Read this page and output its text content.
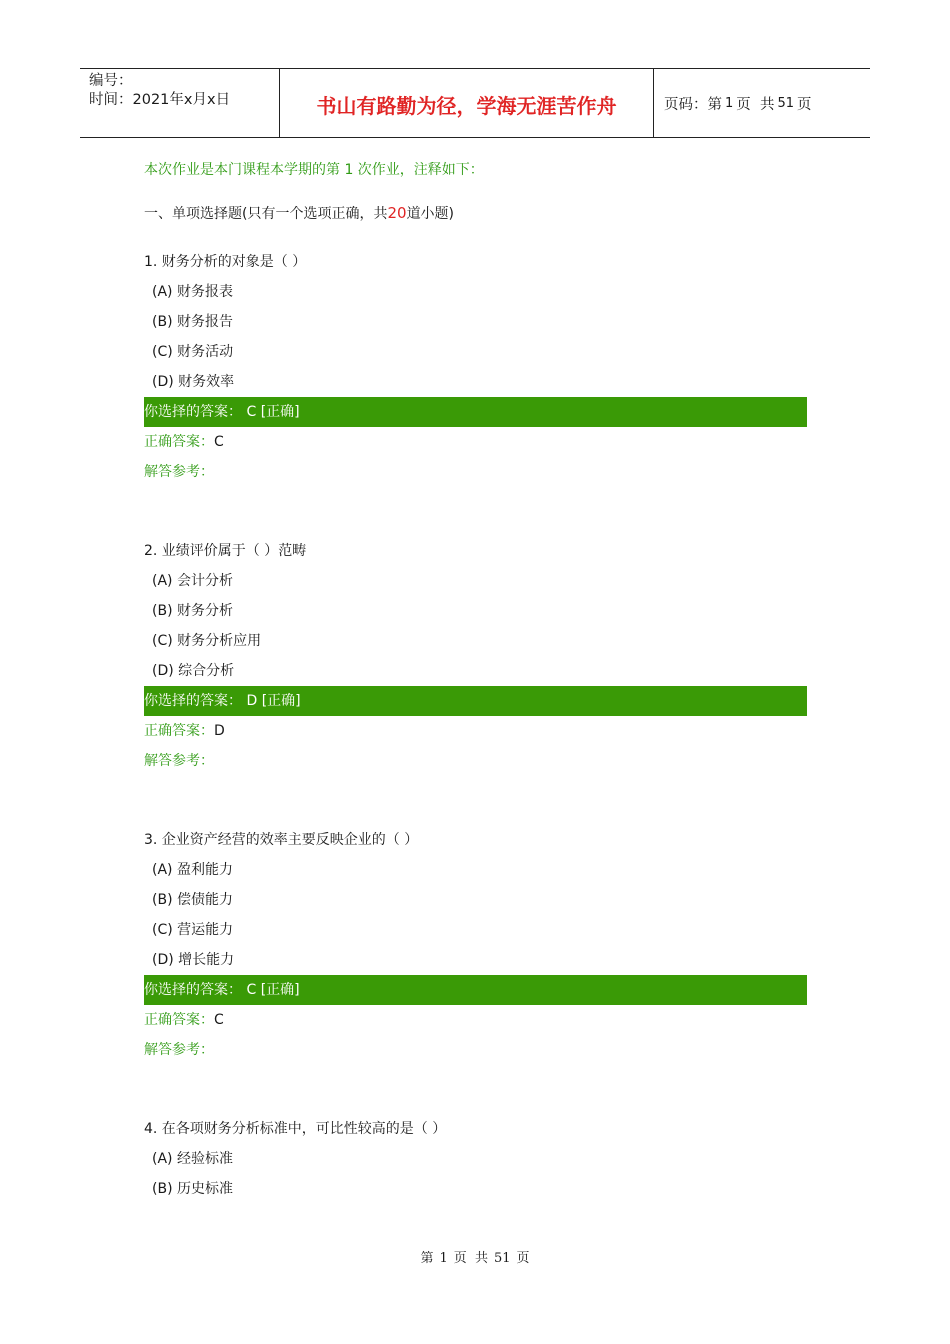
编号：
时间：2021年x月x日	书山有路勤为径，学海无涯苦作舟	页码：第 1 页  共 51 页
本次作业是本门课程本学期的第 1 次作业，注释如下：
一、单项选择题(只有一个选项正确，共20道小题)
1. 财务分析的对象是（ ）
(A) 财务报表
(B) 财务报告
(C) 财务活动
(D) 财务效率
你选择的答案： C [正确]
正确答案：C
解答参考：
2. 业绩评价属于（ ）范畴
(A) 会计分析
(B) 财务分析
(C) 财务分析应用
(D) 综合分析
你选择的答案： D [正确]
正确答案：D
解答参考：
3. 企业资产经营的效率主要反映企业的（ ）
(A) 盈利能力
(B) 偿债能力
(C) 营运能力
(D) 增长能力
你选择的答案： C [正确]
正确答案：C
解答参考：
4. 在各项财务分析标准中，可比性较高的是（ ）
(A) 经验标准
(B) 历史标准
第 1 页  共 51 页
